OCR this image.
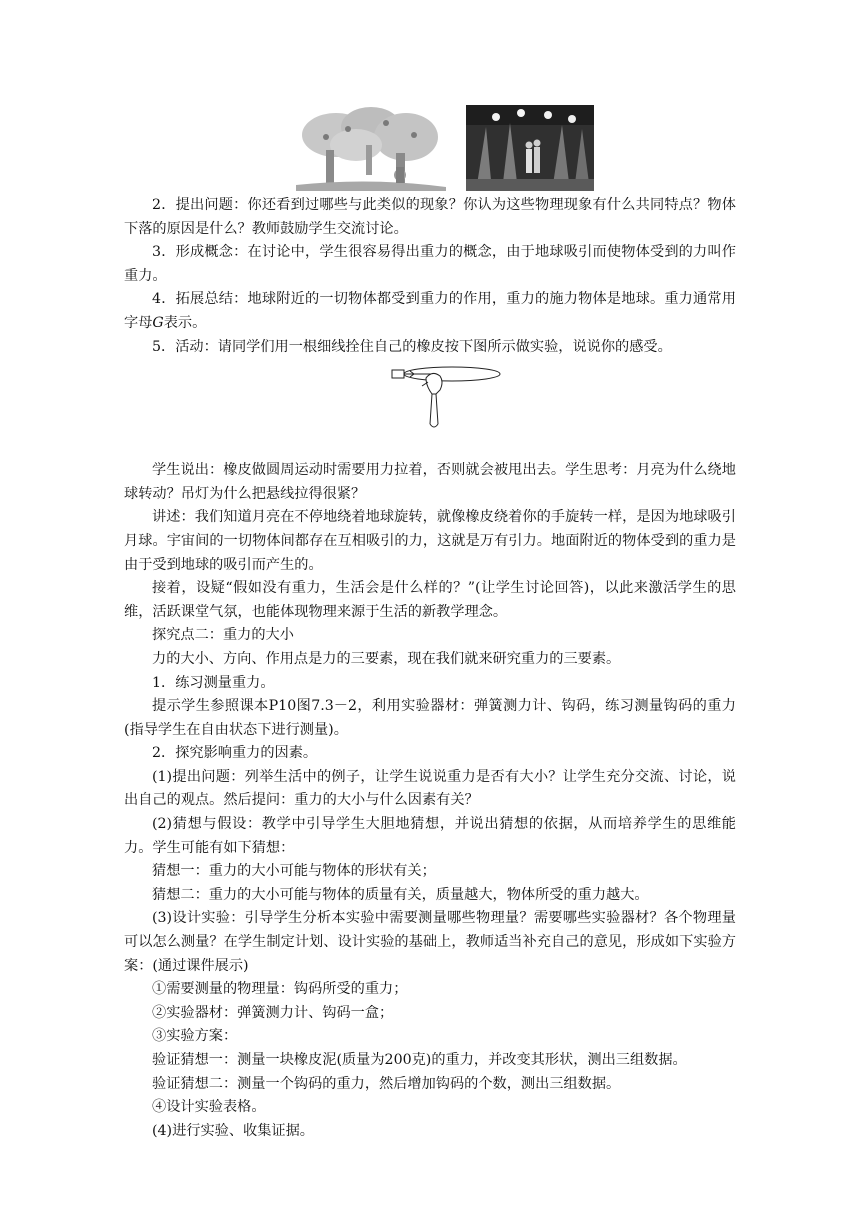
2．提出问题：你还看到过哪些与此类似的现象？你认为这些物理现象有什么共同特点？物体下落的原因是什么？教师鼓励学生交流讨论。

3．形成概念：在讨论中，学生很容易得出重力的概念，由于地球吸引而使物体受到的力叫作重力。

4．拓展总结：地球附近的一切物体都受到重力的作用，重力的施力物体是地球。重力通常用字母G表示。

5．活动：请同学们用一根细线拴住自己的橡皮按下图所示做实验，说说你的感受。

学生说出：橡皮做圆周运动时需要用力拉着，否则就会被甩出去。学生思考：月亮为什么绕地球转动？吊灯为什么把悬线拉得很紧？

讲述：我们知道月亮在不停地绕着地球旋转，就像橡皮绕着你的手旋转一样，是因为地球吸引月球。宇宙间的一切物体间都存在互相吸引的力，这就是万有引力。地面附近的物体受到的重力是由于受到地球的吸引而产生的。

接着，设疑“假如没有重力，生活会是什么样的？”(让学生讨论回答)，以此来激活学生的思维，活跃课堂气氛，也能体现物理来源于生活的新教学理念。

探究点二：重力的大小

力的大小、方向、作用点是力的三要素，现在我们就来研究重力的三要素。

1．练习测量重力。

提示学生参照课本P10图7.3－2，利用实验器材：弹簧测力计、钩码，练习测量钩码的重力(指导学生在自由状态下进行测量)。

2．探究影响重力的因素。

(1)提出问题：列举生活中的例子，让学生说说重力是否有大小？让学生充分交流、讨论，说出自己的观点。然后提问：重力的大小与什么因素有关？

(2)猜想与假设：教学中引导学生大胆地猜想，并说出猜想的依据，从而培养学生的思维能力。学生可能有如下猜想：

猜想一：重力的大小可能与物体的形状有关；

猜想二：重力的大小可能与物体的质量有关，质量越大，物体所受的重力越大。

(3)设计实验：引导学生分析本实验中需要测量哪些物理量？需要哪些实验器材？各个物理量可以怎么测量？在学生制定计划、设计实验的基础上，教师适当补充自己的意见，形成如下实验方案：(通过课件展示)

①需要测量的物理量：钩码所受的重力；

②实验器材：弹簧测力计、钩码一盒；

③实验方案：

验证猜想一：测量一块橡皮泥(质量为200克)的重力，并改变其形状，测出三组数据。

验证猜想二：测量一个钩码的重力，然后增加钩码的个数，测出三组数据。

④设计实验表格。

(4)进行实验、收集证据。
